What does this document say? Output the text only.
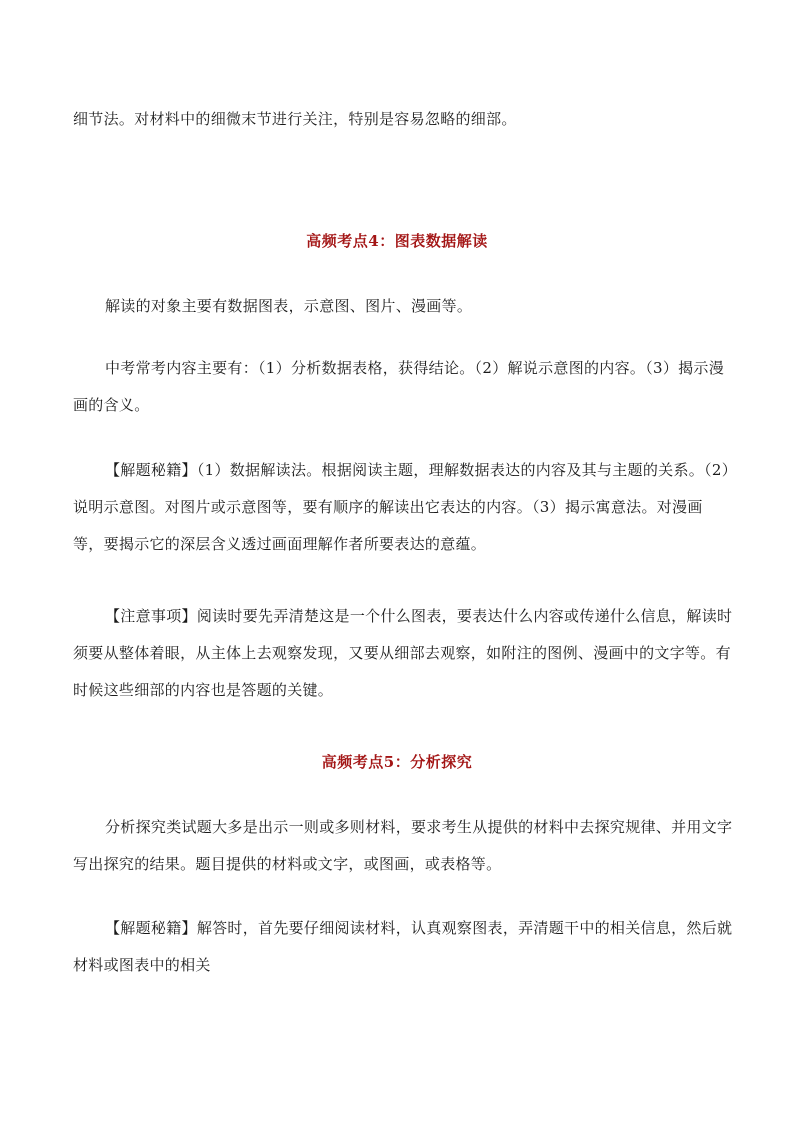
细节法。对材料中的细微末节进行关注，特别是容易忽略的细部。

高频考点4：图表数据解读

解读的对象主要有数据图表，示意图、图片、漫画等。

中考常考内容主要有：（1）分析数据表格，获得结论。（2）解说示意图的内容。（3）揭示漫画的含义。

【解题秘籍】（1）数据解读法。根据阅读主题，理解数据表达的内容及其与主题的关系。（2）说明示意图。对图片或示意图等，要有顺序的解读出它表达的内容。（3）揭示寓意法。对漫画等，要揭示它的深层含义透过画面理解作者所要表达的意蕴。

【注意事项】阅读时要先弄清楚这是一个什么图表，要表达什么内容或传递什么信息，解读时须要从整体着眼，从主体上去观察发现，又要从细部去观察，如附注的图例、漫画中的文字等。有时候这些细部的内容也是答题的关键。

高频考点5：分析探究

分析探究类试题大多是出示一则或多则材料，要求考生从提供的材料中去探究规律、并用文字写出探究的结果。题目提供的材料或文字，或图画，或表格等。

【解题秘籍】解答时，首先要仔细阅读材料，认真观察图表，弄清题干中的相关信息，然后就材料或图表中的相关
